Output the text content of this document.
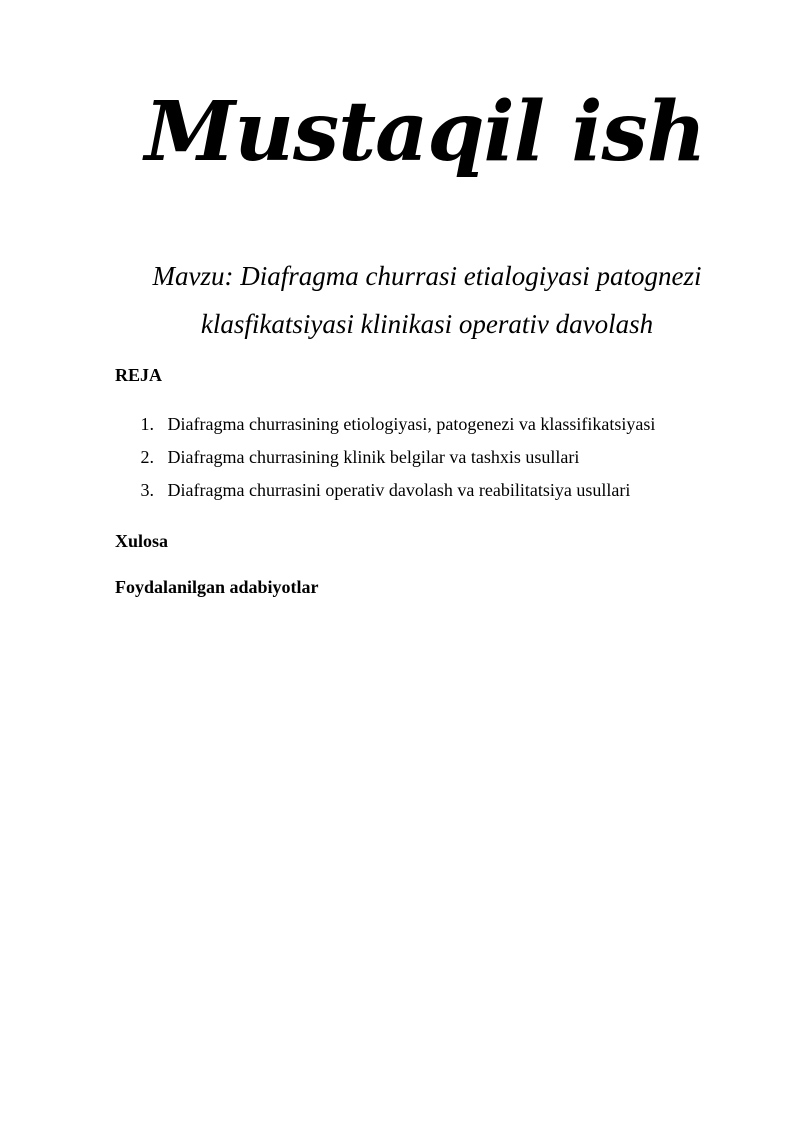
Mustaqil ish
Mavzu: Diafragma churrasi etialogiyasi patognezi
klasfikatsiyasi klinikasi operativ davolash
REJA
1.   Diafragma churrasining etiologiyasi, patogenezi va klassifikatsiyasi
2.   Diafragma churrasining klinik belgilar va tashxis usullari
3.   Diafragma churrasini operativ davolash va reabilitatsiya usullari
Xulosa
Foydalanilgan adabiyotlar
